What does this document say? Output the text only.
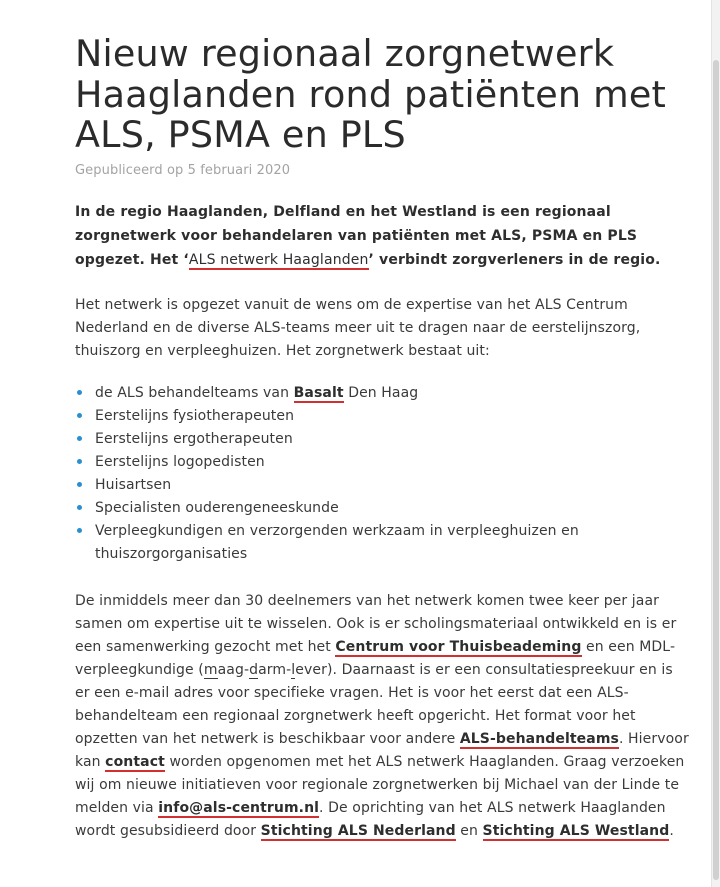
Nieuw regionaal zorgnetwerk
Haaglanden rond patiënten met
ALS, PSMA en PLS
Gepubliceerd op 5 februari 2020
In de regio Haaglanden, Delfland en het Westland is een regionaal
zorgnetwerk voor behandelaren van patiënten met ALS, PSMA en PLS
opgezet. Het ‘ALS netwerk Haaglanden’ verbindt zorgverleners in de regio.
Het netwerk is opgezet vanuit de wens om de expertise van het ALS Centrum
Nederland en de diverse ALS-teams meer uit te dragen naar de eerstelijnszorg,
thuiszorg en verpleeghuizen. Het zorgnetwerk bestaat uit:
de ALS behandelteams van Basalt Den Haag
Eerstelijns fysiotherapeuten
Eerstelijns ergotherapeuten
Eerstelijns logopedisten
Huisartsen
Specialisten ouderengeneeskunde
Verpleegkundigen en verzorgenden werkzaam in verpleeghuizen en
thuiszorgorganisaties
De inmiddels meer dan 30 deelnemers van het netwerk komen twee keer per jaar
samen om expertise uit te wisselen. Ook is er scholingsmateriaal ontwikkeld en is er
een samenwerking gezocht met het Centrum voor Thuisbeademing en een MDL-
verpleegkundige (maag-darm-lever). Daarnaast is er een consultatiespreekuur en is
er een e-mail adres voor specifieke vragen. Het is voor het eerst dat een ALS-
behandelteam een regionaal zorgnetwerk heeft opgericht. Het format voor het
opzetten van het netwerk is beschikbaar voor andere ALS-behandelteams. Hiervoor
kan contact worden opgenomen met het ALS netwerk Haaglanden. Graag verzoeken
wij om nieuwe initiatieven voor regionale zorgnetwerken bij Michael van der Linde te
melden via info@als-centrum.nl. De oprichting van het ALS netwerk Haaglanden
wordt gesubsidieerd door Stichting ALS Nederland en Stichting ALS Westland.
